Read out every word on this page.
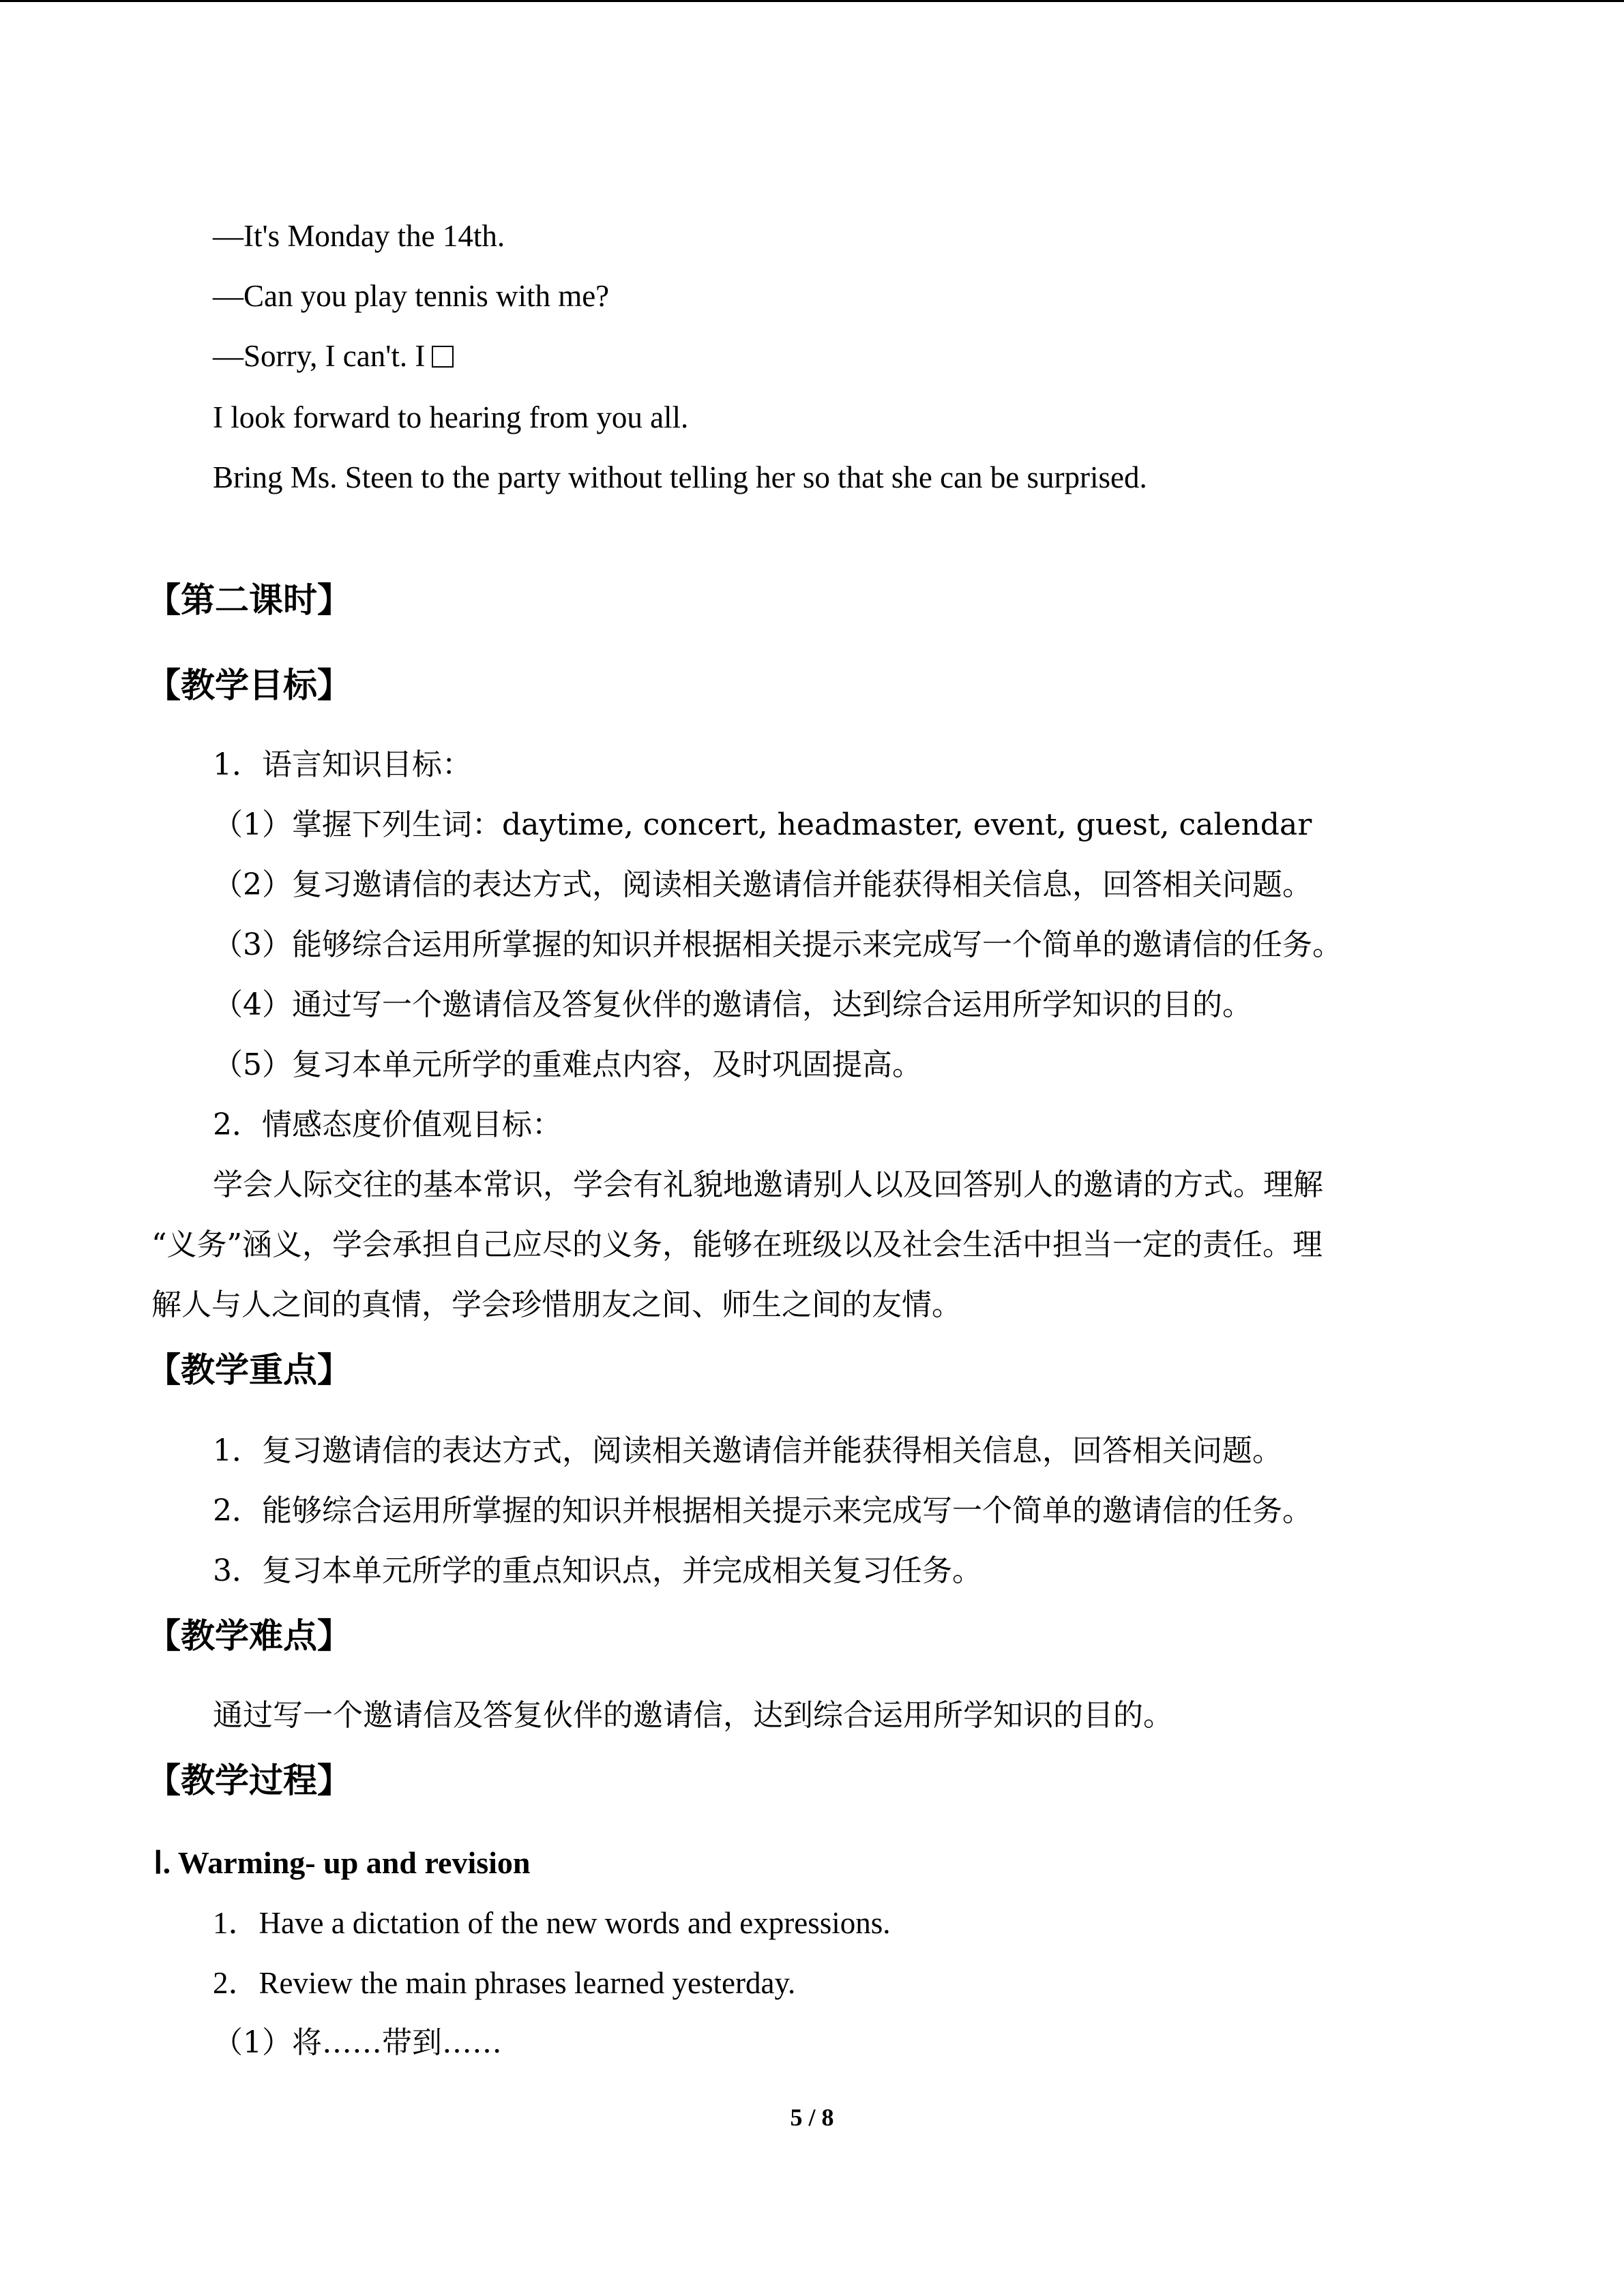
—It's Monday the 14th.
—Can you play tennis with me?
—Sorry, I can't. I
I look forward to hearing from you all.
Bring Ms. Steen to the party without telling her so that she can be surprised.
【第二课时】
【教学目标】
1．语言知识目标：
（1）掌握下列生词：daytime, concert, headmaster, event, guest, calendar
（2）复习邀请信的表达方式，阅读相关邀请信并能获得相关信息，回答相关问题。
（3）能够综合运用所掌握的知识并根据相关提示来完成写一个简单的邀请信的任务。
（4）通过写一个邀请信及答复伙伴的邀请信，达到综合运用所学知识的目的。
（5）复习本单元所学的重难点内容，及时巩固提高。
2．情感态度价值观目标：
学会人际交往的基本常识，学会有礼貌地邀请别人以及回答别人的邀请的方式。理解
“义务”涵义，学会承担自己应尽的义务，能够在班级以及社会生活中担当一定的责任。理
解人与人之间的真情，学会珍惜朋友之间、师生之间的友情。
【教学重点】
1．复习邀请信的表达方式，阅读相关邀请信并能获得相关信息，回答相关问题。
2．能够综合运用所掌握的知识并根据相关提示来完成写一个简单的邀请信的任务。
3．复习本单元所学的重点知识点，并完成相关复习任务。
【教学难点】
通过写一个邀请信及答复伙伴的邀请信，达到综合运用所学知识的目的。
【教学过程】
Ⅰ. Warming- up and revision
1．Have a dictation of the new words and expressions.
2．Review the main phrases learned yesterday.
（1）将……带到……
5 / 8
